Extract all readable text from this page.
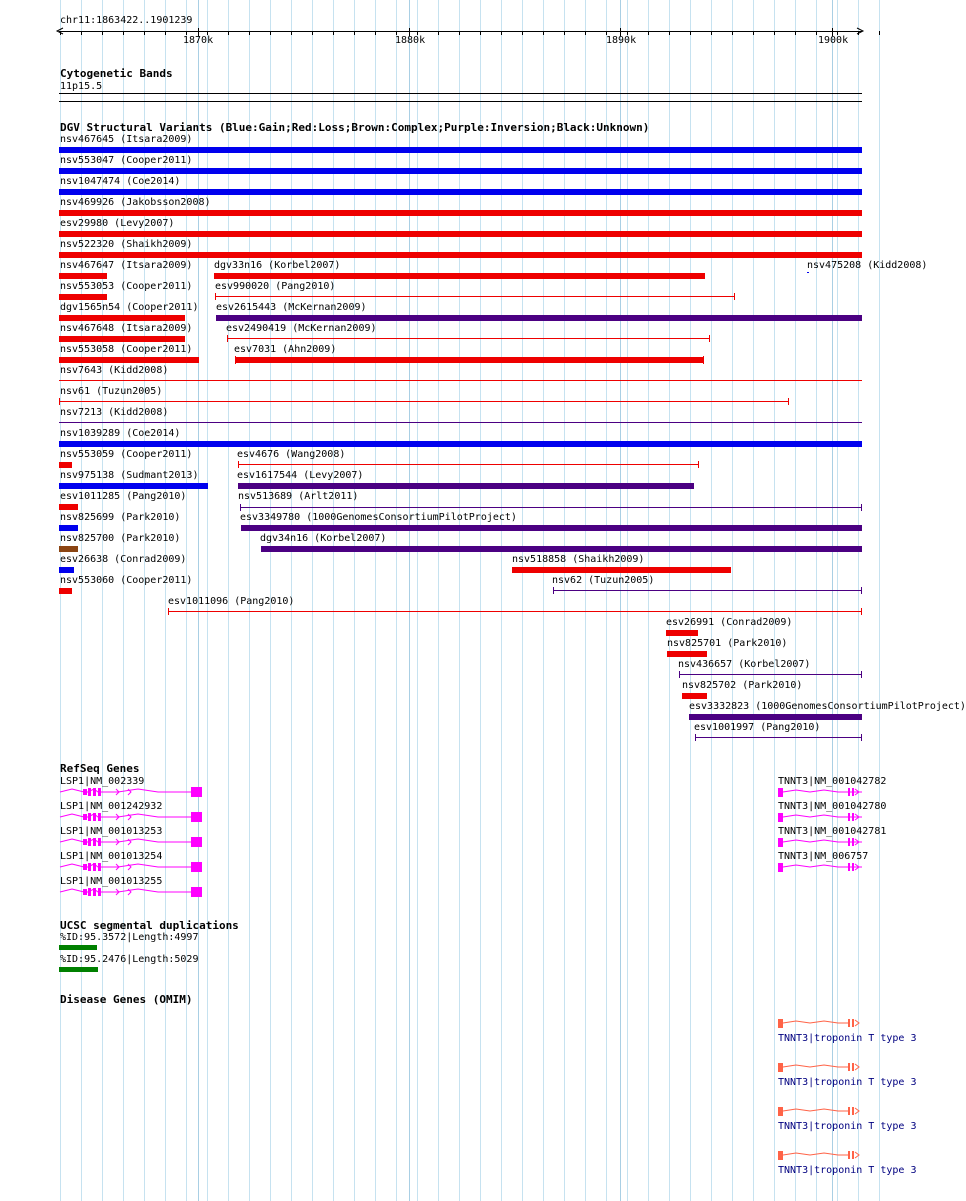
chr11:1863422..1901239
1870k	1880k	1890k	1900k
Cytogenetic Bands
11p15.5
DGV Structural Variants (Blue:Gain;Red:Loss;Brown:Complex;Purple:Inversion;Black:Unknown)
nsv467645 (Itsara2009)
nsv553047 (Cooper2011)
nsv1047474 (Coe2014)
nsv469926 (Jakobsson2008)
esv29980 (Levy2007)
nsv522320 (Shaikh2009)
nsv467647 (Itsara2009) dgv33n16 (Korbel2007)	nsv475208 (Kidd2008)
nsv553053 (Cooper2011) esv990020 (Pang2010)
dgv1565n54 (Cooper2011) esv2615443 (McKernan2009)
nsv467648 (Itsara2009)	esv2490419 (McKernan2009)
nsv553058 (Cooper2011)	esv7031 (Ahn2009)
nsv7643 (Kidd2008)
nsv61 (Tuzun2005)
nsv7213 (Kidd2008)
nsv1039289 (Coe2014)
nsv553059 (Cooper2011)	esv4676 (Wang2008)
nsv975138 (Sudmant2013)	esv1617544 (Levy2007)
esv1011285 (Pang2010)	nsv513689 (Arlt2011)
nsv825699 (Park2010)	esv3349780 (1000GenomesConsortiumPilotProject)
nsv825700 (Park2010)	dgv34n16 (Korbel2007)
esv26638 (Conrad2009)	nsv518858 (Shaikh2009)
nsv553060 (Cooper2011)	nsv62 (Tuzun2005)
esv1011096 (Pang2010)
esv26991 (Conrad2009)
nsv825701 (Park2010)
nsv436657 (Korbel2007)
nsv825702 (Park2010)
esv3332823 (1000GenomesConsortiumPilotProject)
esv1001997 (Pang2010)
RefSeq Genes
LSP1|NM_002339
LSP1|NM_001242932
LSP1|NM_001013253
LSP1|NM_001013254
LSP1|NM_001013255
TNNT3|NM_001042782
TNNT3|NM_001042780
TNNT3|NM_001042781
TNNT3|NM_006757
UCSC segmental duplications
%ID:95.3572|Length:4997
%ID:95.2476|Length:5029
Disease Genes (OMIM)
TNNT3|troponin T type 3
TNNT3|troponin T type 3
TNNT3|troponin T type 3
TNNT3|troponin T type 3
